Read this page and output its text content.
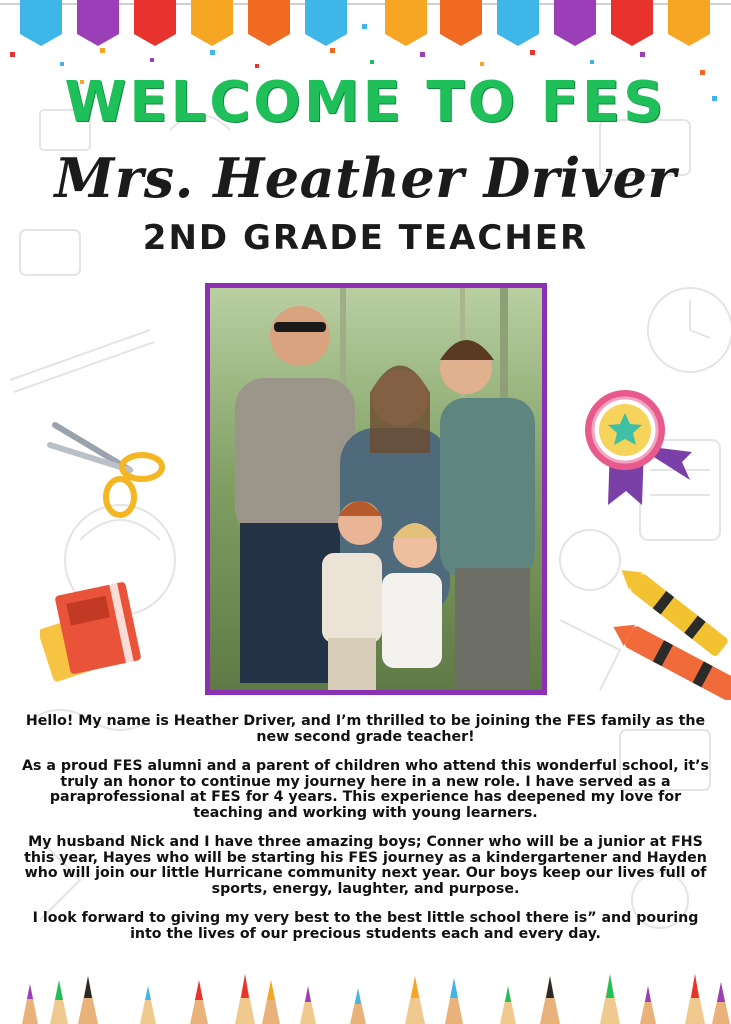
WELCOME TO FES
Mrs. Heather Driver
2ND GRADE TEACHER

Hello! My name is Heather Driver, and I’m thrilled to be joining the FES family as the new second grade teacher!

As a proud FES alumni and a parent of children who attend this wonderful school, it’s truly an honor to continue my journey here in a new role. I have served as a paraprofessional at FES for 4 years. This experience has deepened my love for teaching and working with young learners.

My husband Nick and I have three amazing boys; Conner who will be a junior at FHS this year, Hayes who will be starting his FES journey as a kindergartener and Hayden who will join our little Hurricane community next year. Our boys keep our lives full of sports, energy, laughter, and purpose.

I look forward to giving my very best to the best little school there is” and pouring into the lives of our precious students each and every day.
